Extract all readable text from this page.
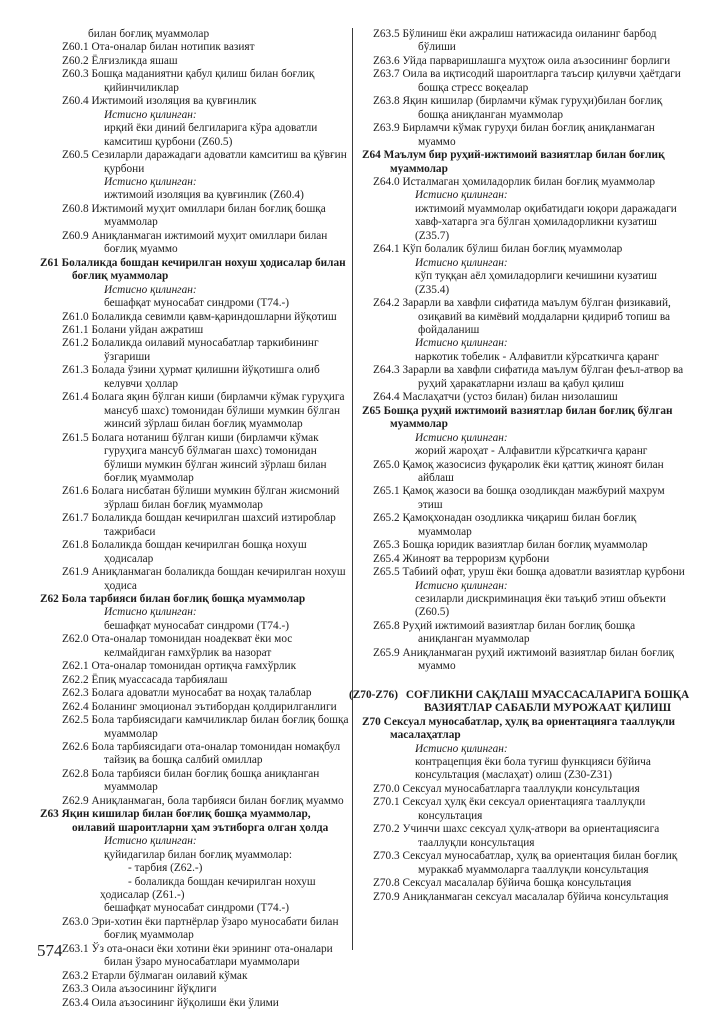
билан боғлиқ муаммолар
Z60.1 Ота-оналар билан нотипик вазият
Z60.2 Ёлғизликда яшаш
Z60.3 Бошқа маданиятни қабул қилиш билан боғлиқ қийинчиликлар
Z60.4 Ижтимоий изоляция ва қувғинлик
Истисно қилинган:
ирқий ёки диний белгиларига кўра адоватли камситиш қурбони (Z60.5)
Z60.5 Сезиларли даражадаги адоватли камситиш ва қўвғин қурбони
Истисно қилинган:
ижтимоий изоляция ва қувғинлик (Z60.4)
Z60.8 Ижтимоий муҳит омиллари билан боғлиқ бошқа муаммолар
Z60.9 Аниқланмаган ижтимоий муҳит омиллари билан боғлиқ муаммо
Z61 Болаликда бошдан кечирилган нохуш ҳодисалар билан боғлиқ муаммолар
Истисно қилинган:
бешафқат муносабат синдроми (T74.-)
Z61.0 Болаликда севимли қавм-қариндошларни йўқотиш
Z61.1 Болани уйдан ажратиш
Z61.2 Болаликда оилавий муносабатлар таркибининг ўзгариши
Z61.3 Болада ўзини ҳурмат қилишни йўқотишга олиб келувчи ҳоллар
Z61.4 Болага яқин бўлган киши (бирламчи кўмак гуруҳига мансуб шахс) томонидан бўлиши мумкин бўлган жинсий зўрлаш билан боғлиқ муаммолар
Z61.5 Болага нотаниш бўлган киши (бирламчи кўмак гуруҳига мансуб бўлмаган шахс) томонидан бўлиши мумкин бўлган жинсий зўрлаш билан боғлиқ муаммолар
Z61.6 Болага нисбатан бўлиши мумкин бўлган жисмоний зўрлаш билан боғлиқ муаммолар
Z61.7 Болаликда бошдан кечирилган шахсий изтироблар тажрибаси
Z61.8 Болаликда бошдан кечирилган бошқа нохуш ҳодисалар
Z61.9 Аниқланмаган болаликда бошдан кечирилган нохуш ҳодиса
Z62 Бола тарбияси билан боғлиқ бошқа муаммолар
Истисно қилинган:
бешафқат муносабат синдроми (T74.-)
Z62.0 Ота-оналар томонидан ноадекват ёки мос келмайдиган ғамхўрлик ва назорат
Z62.1 Ота-оналар томонидан ортиқча ғамхўрлик
Z62.2 Ёпиқ муассасада тарбиялаш
Z62.3 Болага адоватли муносабат ва ноҳақ талаблар
Z62.4 Боланинг эмоционал эътибордан қолдирилганлиги
Z62.5 Бола тарбиясидаги камчиликлар билан боғлиқ бошқа муаммолар
Z62.6 Бола тарбиясидаги ота-оналар томонидан номақбул тайзиқ ва бошқа салбий омиллар
Z62.8 Бола тарбияси билан боғлиқ бошқа аниқланган муаммолар
Z62.9 Аниқланмаган, бола тарбияси билан боғлиқ муаммо
Z63 Яқин кишилар билан боғлиқ бошқа муаммолар, оилавий шароитларни ҳам эътиборга олган ҳолда
Истисно қилинган:
қуйидагилар билан боғлиқ муаммолар:
- тарбия (Z62.-)
- болаликда бошдан кечирилган нохуш ҳодисалар (Z61.-)
бешафқат муносабат синдроми (T74.-)
Z63.0 Эри-хотин ёки партнёрлар ўзаро муносабати билан боғлиқ муаммолар
Z63.1 Ўз ота-онаси ёки хотини ёки эрининг ота-оналари билан ўзаро муносабатлари муаммолари
Z63.2 Етарли бўлмаган оилавий кўмак
Z63.3 Оила аъзосининг йўқлиги
Z63.4 Оила аъзосининг йўқолиши ёки ўлими
Z63.5 Бўлиниш ёки ажралиш натижасида оиланинг барбод бўлиши
Z63.6 Уйда парваришлашга муҳтож оила аъзосининг борлиги
Z63.7 Оила ва иқтисодий шароитларга таъсир қилувчи ҳаётдаги бошқа стресс воқеалар
Z63.8 Яқин кишилар (бирламчи кўмак гуруҳи)билан боғлиқ бошқа аниқланган муаммолар
Z63.9 Бирламчи кўмак гуруҳи билан боғлиқ аниқланмаган муаммо
Z64 Маълум бир руҳий-ижтимоий вазиятлар билан боғлиқ муаммолар
Z64.0 Исталмаган ҳомиладорлик билан боғлиқ муаммолар
Истисно қилинган:
ижтимоий муаммолар оқибатидаги юқори даражадаги хавф-хатарга эга бўлган ҳомиладорликни кузатиш (Z35.7)
Z64.1 Кўп болалик бўлиш билан боғлиқ муаммолар
Истисно қилинган:
кўп туққан аёл ҳомиладорлиги кечишини кузатиш (Z35.4)
Z64.2 Зарарли ва хавфли сифатида маълум бўлган физикавий, озиқавий ва кимёвий моддаларни қидириб топиш ва фойдаланиш
Истисно қилинган:
наркотик тобелик - Алфавитли кўрсаткичга қаранг
Z64.3 Зарарли ва хавфли сифатида маълум бўлган феъл-атвор ва руҳий ҳаракатларни излаш ва қабул қилиш
Z64.4 Маслаҳатчи (устоз билан) билан низолашиш
Z65 Бошқа руҳий ижтимоий вазиятлар билан боғлиқ бўлган муаммолар
Истисно қилинган:
жорий жароҳат - Алфавитли кўрсаткичга қаранг
Z65.0 Қамоқ жазосисиз фуқаролик ёки қаттиқ жиноят билан айблаш
Z65.1 Қамоқ жазоси ва бошқа озодликдан мажбурий махрум этиш
Z65.2 Қамоқхонадан озодликка чиқариш билан боғлиқ муаммолар
Z65.3 Бошқа юридик вазиятлар билан боғлиқ муаммолар
Z65.4 Жиноят ва терроризм қурбони
Z65.5 Табиий офат, уруш ёки бошқа адоватли вазиятлар қурбони
Истисно қилинган:
сезиларли дискриминация ёки таъқиб этиш объекти (Z60.5)
Z65.8 Руҳий ижтимоий вазиятлар билан боғлиқ бошқа аниқланган муаммолар
Z65.9 Аниқланмаган руҳий ижтимоий вазиятлар билан боғлиқ муаммо
(Z70-Z76) СОҒЛИКНИ САҚЛАШ МУАССАСАЛАРИГА БОШҚА ВАЗИЯТЛАР САБАБЛИ МУРОЖААТ ҚИЛИШ
Z70 Сексуал муносабатлар, ҳулқ ва ориентацияга тааллуқли масалаҳатлар
Истисно қилинган:
контрацепция ёки бола туғиш функцияси бўйича консультация (маслаҳат) олиш (Z30-Z31)
Z70.0 Сексуал муносабатларга тааллуқли консультация
Z70.1 Сексуал ҳулқ ёки сексуал ориентацияга тааллуқли консультация
Z70.2 Учинчи шахс сексуал ҳулқ-атвори ва ориентациясига тааллуқли консультация
Z70.3 Сексуал муносабатлар, ҳулқ ва ориентация билан боғлиқ мураккаб муаммоларга тааллуқли консультация
Z70.8 Сексуал масалалар бўйича бошқа консультация
Z70.9 Аниқланмаган сексуал масалалар бўйича консультация
574
